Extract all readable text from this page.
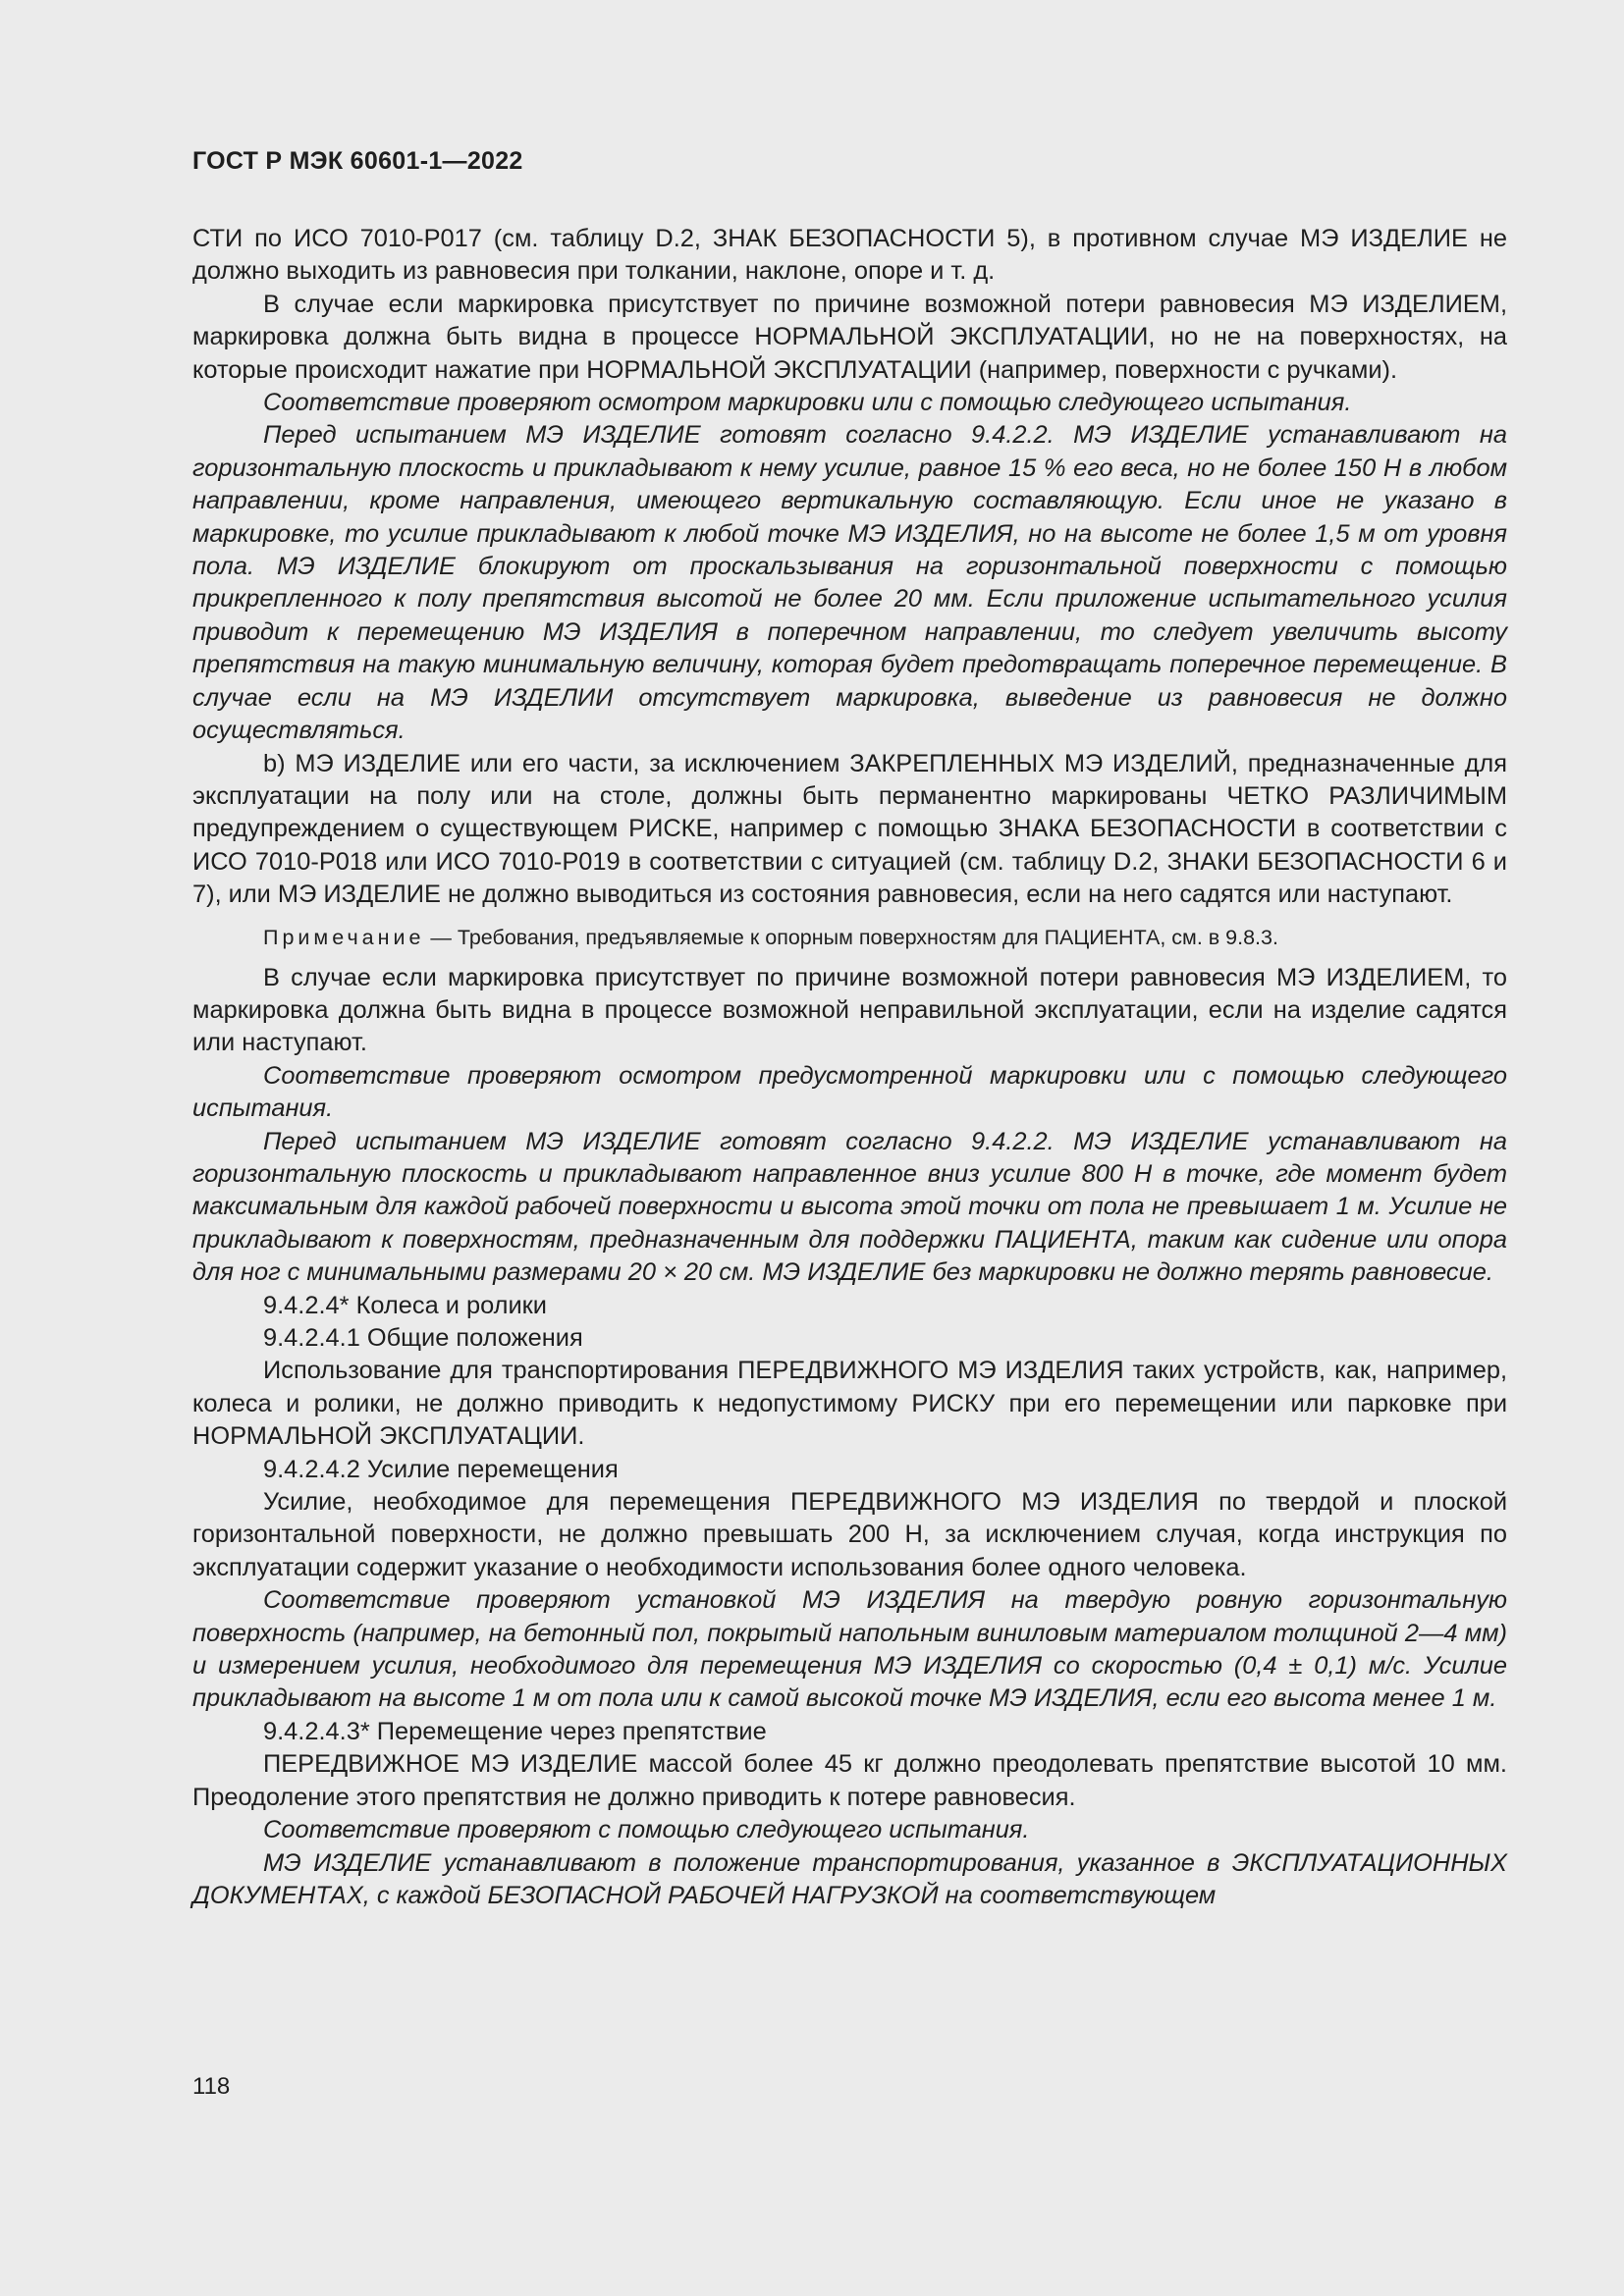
ГОСТ Р МЭК 60601-1—2022

СТИ по ИСО 7010-P017 (см. таблицу D.2, ЗНАК БЕЗОПАСНОСТИ 5), в противном случае МЭ ИЗДЕЛИЕ не должно выходить из равновесия при толкании, наклоне, опоре и т. д.

В случае если маркировка присутствует по причине возможной потери равновесия МЭ ИЗДЕЛИЕМ, маркировка должна быть видна в процессе НОРМАЛЬНОЙ ЭКСПЛУАТАЦИИ, но не на поверхностях, на которые происходит нажатие при НОРМАЛЬНОЙ ЭКСПЛУАТАЦИИ (например, поверхности с ручками).

Соответствие проверяют осмотром маркировки или с помощью следующего испытания.

Перед испытанием МЭ ИЗДЕЛИЕ готовят согласно 9.4.2.2. МЭ ИЗДЕЛИЕ устанавливают на горизонтальную плоскость и прикладывают к нему усилие, равное 15 % его веса, но не более 150 Н в любом направлении, кроме направления, имеющего вертикальную составляющую. Если иное не указано в маркировке, то усилие прикладывают к любой точке МЭ ИЗДЕЛИЯ, но на высоте не более 1,5 м от уровня пола. МЭ ИЗДЕЛИЕ блокируют от проскальзывания на горизонтальной поверхности с помощью прикрепленного к полу препятствия высотой не более 20 мм. Если приложение испытательного усилия приводит к перемещению МЭ ИЗДЕЛИЯ в поперечном направлении, то следует увеличить высоту препятствия на такую минимальную величину, которая будет предотвращать поперечное перемещение. В случае если на МЭ ИЗДЕЛИИ отсутствует маркировка, выведение из равновесия не должно осуществляться.

b) МЭ ИЗДЕЛИЕ или его части, за исключением ЗАКРЕПЛЕННЫХ МЭ ИЗДЕЛИЙ, предназначенные для эксплуатации на полу или на столе, должны быть перманентно маркированы ЧЕТКО РАЗЛИЧИМЫМ предупреждением о существующем РИСКЕ, например с помощью ЗНАКА БЕЗОПАСНОСТИ в соответствии с ИСО 7010-P018 или ИСО 7010-P019 в соответствии с ситуацией (см. таблицу D.2, ЗНАКИ БЕЗОПАСНОСТИ 6 и 7), или МЭ ИЗДЕЛИЕ не должно выводиться из состояния равновесия, если на него садятся или наступают.

Примечание — Требования, предъявляемые к опорным поверхностям для ПАЦИЕНТА, см. в 9.8.3.

В случае если маркировка присутствует по причине возможной потери равновесия МЭ ИЗДЕЛИЕМ, то маркировка должна быть видна в процессе возможной неправильной эксплуатации, если на изделие садятся или наступают.

Соответствие проверяют осмотром предусмотренной маркировки или с помощью следующего испытания.

Перед испытанием МЭ ИЗДЕЛИЕ готовят согласно 9.4.2.2. МЭ ИЗДЕЛИЕ устанавливают на горизонтальную плоскость и прикладывают направленное вниз усилие 800 Н в точке, где момент будет максимальным для каждой рабочей поверхности и высота этой точки от пола не превышает 1 м. Усилие не прикладывают к поверхностям, предназначенным для поддержки ПАЦИЕНТА, таким как сидение или опора для ног с минимальными размерами 20 × 20 см. МЭ ИЗДЕЛИЕ без маркировки не должно терять равновесие.

9.4.2.4* Колеса и ролики

9.4.2.4.1 Общие положения

Использование для транспортирования ПЕРЕДВИЖНОГО МЭ ИЗДЕЛИЯ таких устройств, как, например, колеса и ролики, не должно приводить к недопустимому РИСКУ при его перемещении или парковке при НОРМАЛЬНОЙ ЭКСПЛУАТАЦИИ.

9.4.2.4.2 Усилие перемещения

Усилие, необходимое для перемещения ПЕРЕДВИЖНОГО МЭ ИЗДЕЛИЯ по твердой и плоской горизонтальной поверхности, не должно превышать 200 Н, за исключением случая, когда инструкция по эксплуатации содержит указание о необходимости использования более одного человека.

Соответствие проверяют установкой МЭ ИЗДЕЛИЯ на твердую ровную горизонтальную поверхность (например, на бетонный пол, покрытый напольным виниловым материалом толщиной 2—4 мм) и измерением усилия, необходимого для перемещения МЭ ИЗДЕЛИЯ со скоростью (0,4 ± 0,1) м/с. Усилие прикладывают на высоте 1 м от пола или к самой высокой точке МЭ ИЗДЕЛИЯ, если его высота менее 1 м.

9.4.2.4.3* Перемещение через препятствие

ПЕРЕДВИЖНОЕ МЭ ИЗДЕЛИЕ массой более 45 кг должно преодолевать препятствие высотой 10 мм. Преодоление этого препятствия не должно приводить к потере равновесия.

Соответствие проверяют с помощью следующего испытания.

МЭ ИЗДЕЛИЕ устанавливают в положение транспортирования, указанное в ЭКСПЛУАТАЦИОННЫХ ДОКУМЕНТАХ, с каждой БЕЗОПАСНОЙ РАБОЧЕЙ НАГРУЗКОЙ на соответствующем

118
